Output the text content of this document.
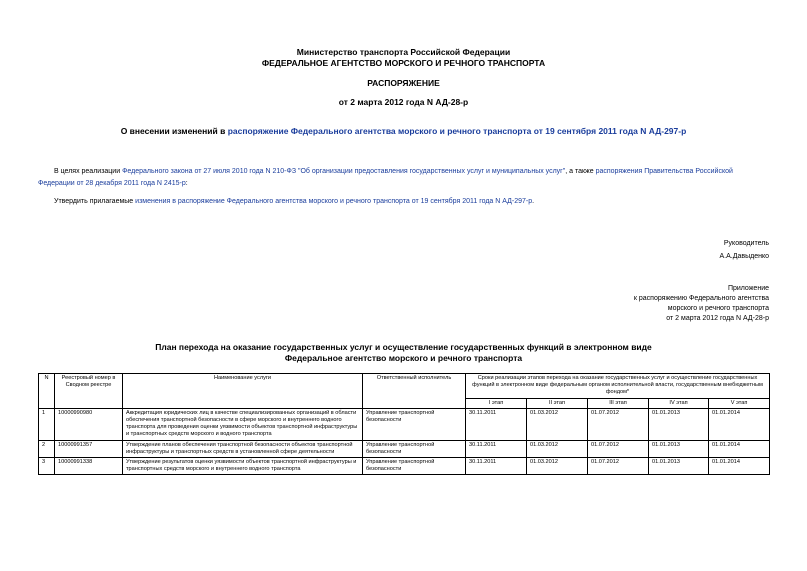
Министерство транспорта Российской Федерации
ФЕДЕРАЛЬНОЕ АГЕНТСТВО МОРСКОГО И РЕЧНОГО ТРАНСПОРТА
РАСПОРЯЖЕНИЕ
от 2 марта 2012 года N АД-28-р
О внесении изменений в распоряжение Федерального агентства морского и речного транспорта от 19 сентября 2011 года N АД-297-р
В целях реализации Федерального закона от 27 июля 2010 года N 210-ФЗ "Об организации предоставления государственных услуг и муниципальных услуг", а также распоряжения Правительства Российской Федерации от 28 декабря 2011 года N 2415-р:
Утвердить прилагаемые изменения в распоряжение Федерального агентства морского и речного транспорта от 19 сентября 2011 года N АД-297-р.
Руководитель
А.А.Давыденко
Приложение
к распоряжению Федерального агентства
морского и речного транспорта
от 2 марта 2012 года N АД-28-р
План перехода на оказание государственных услуг и осуществление государственных функций в электронном виде
Федеральное агентство морского и речного транспорта
N	Реестровый номер в Сводном реестре	Наименование услуги	Ответственный исполнитель	Сроки реализации этапов перехода на оказание государственных услуг и осуществление государственных функций в электронном виде федеральным органом исполнительной власти, государственным внебюджетным фондом*				
				I этап	II этап	III этап	IV этап	V этап
1	10000990980	Аккредитация юридических лиц в качестве специализированных организаций в области обеспечения транспортной безопасности в сфере морского и внутреннего водного транспорта для проведения оценки уязвимости объектов транспортной инфраструктуры и транспортных средств морского и водного транспорта	Управление транспортной безопасности	30.11.2011	01.03.2012	01.07.2012	01.01.2013	01.01.2014
2	10000991357	Утверждение планов обеспечения транспортной безопасности объектов транспортной инфраструктуры и транспортных средств в установленной сфере деятельности	Управление транспортной безопасности	30.11.2011	01.03.2012	01.07.2012	01.01.2013	01.01.2014
3	10000991338	Утверждение результатов оценки уязвимости объектов транспортной инфраструктуры и транспортных средств морского и внутреннего водного транспорта	Управление транспортной безопасности	30.11.2011	01.03.2012	01.07.2012	01.01.2013	01.01.2014
